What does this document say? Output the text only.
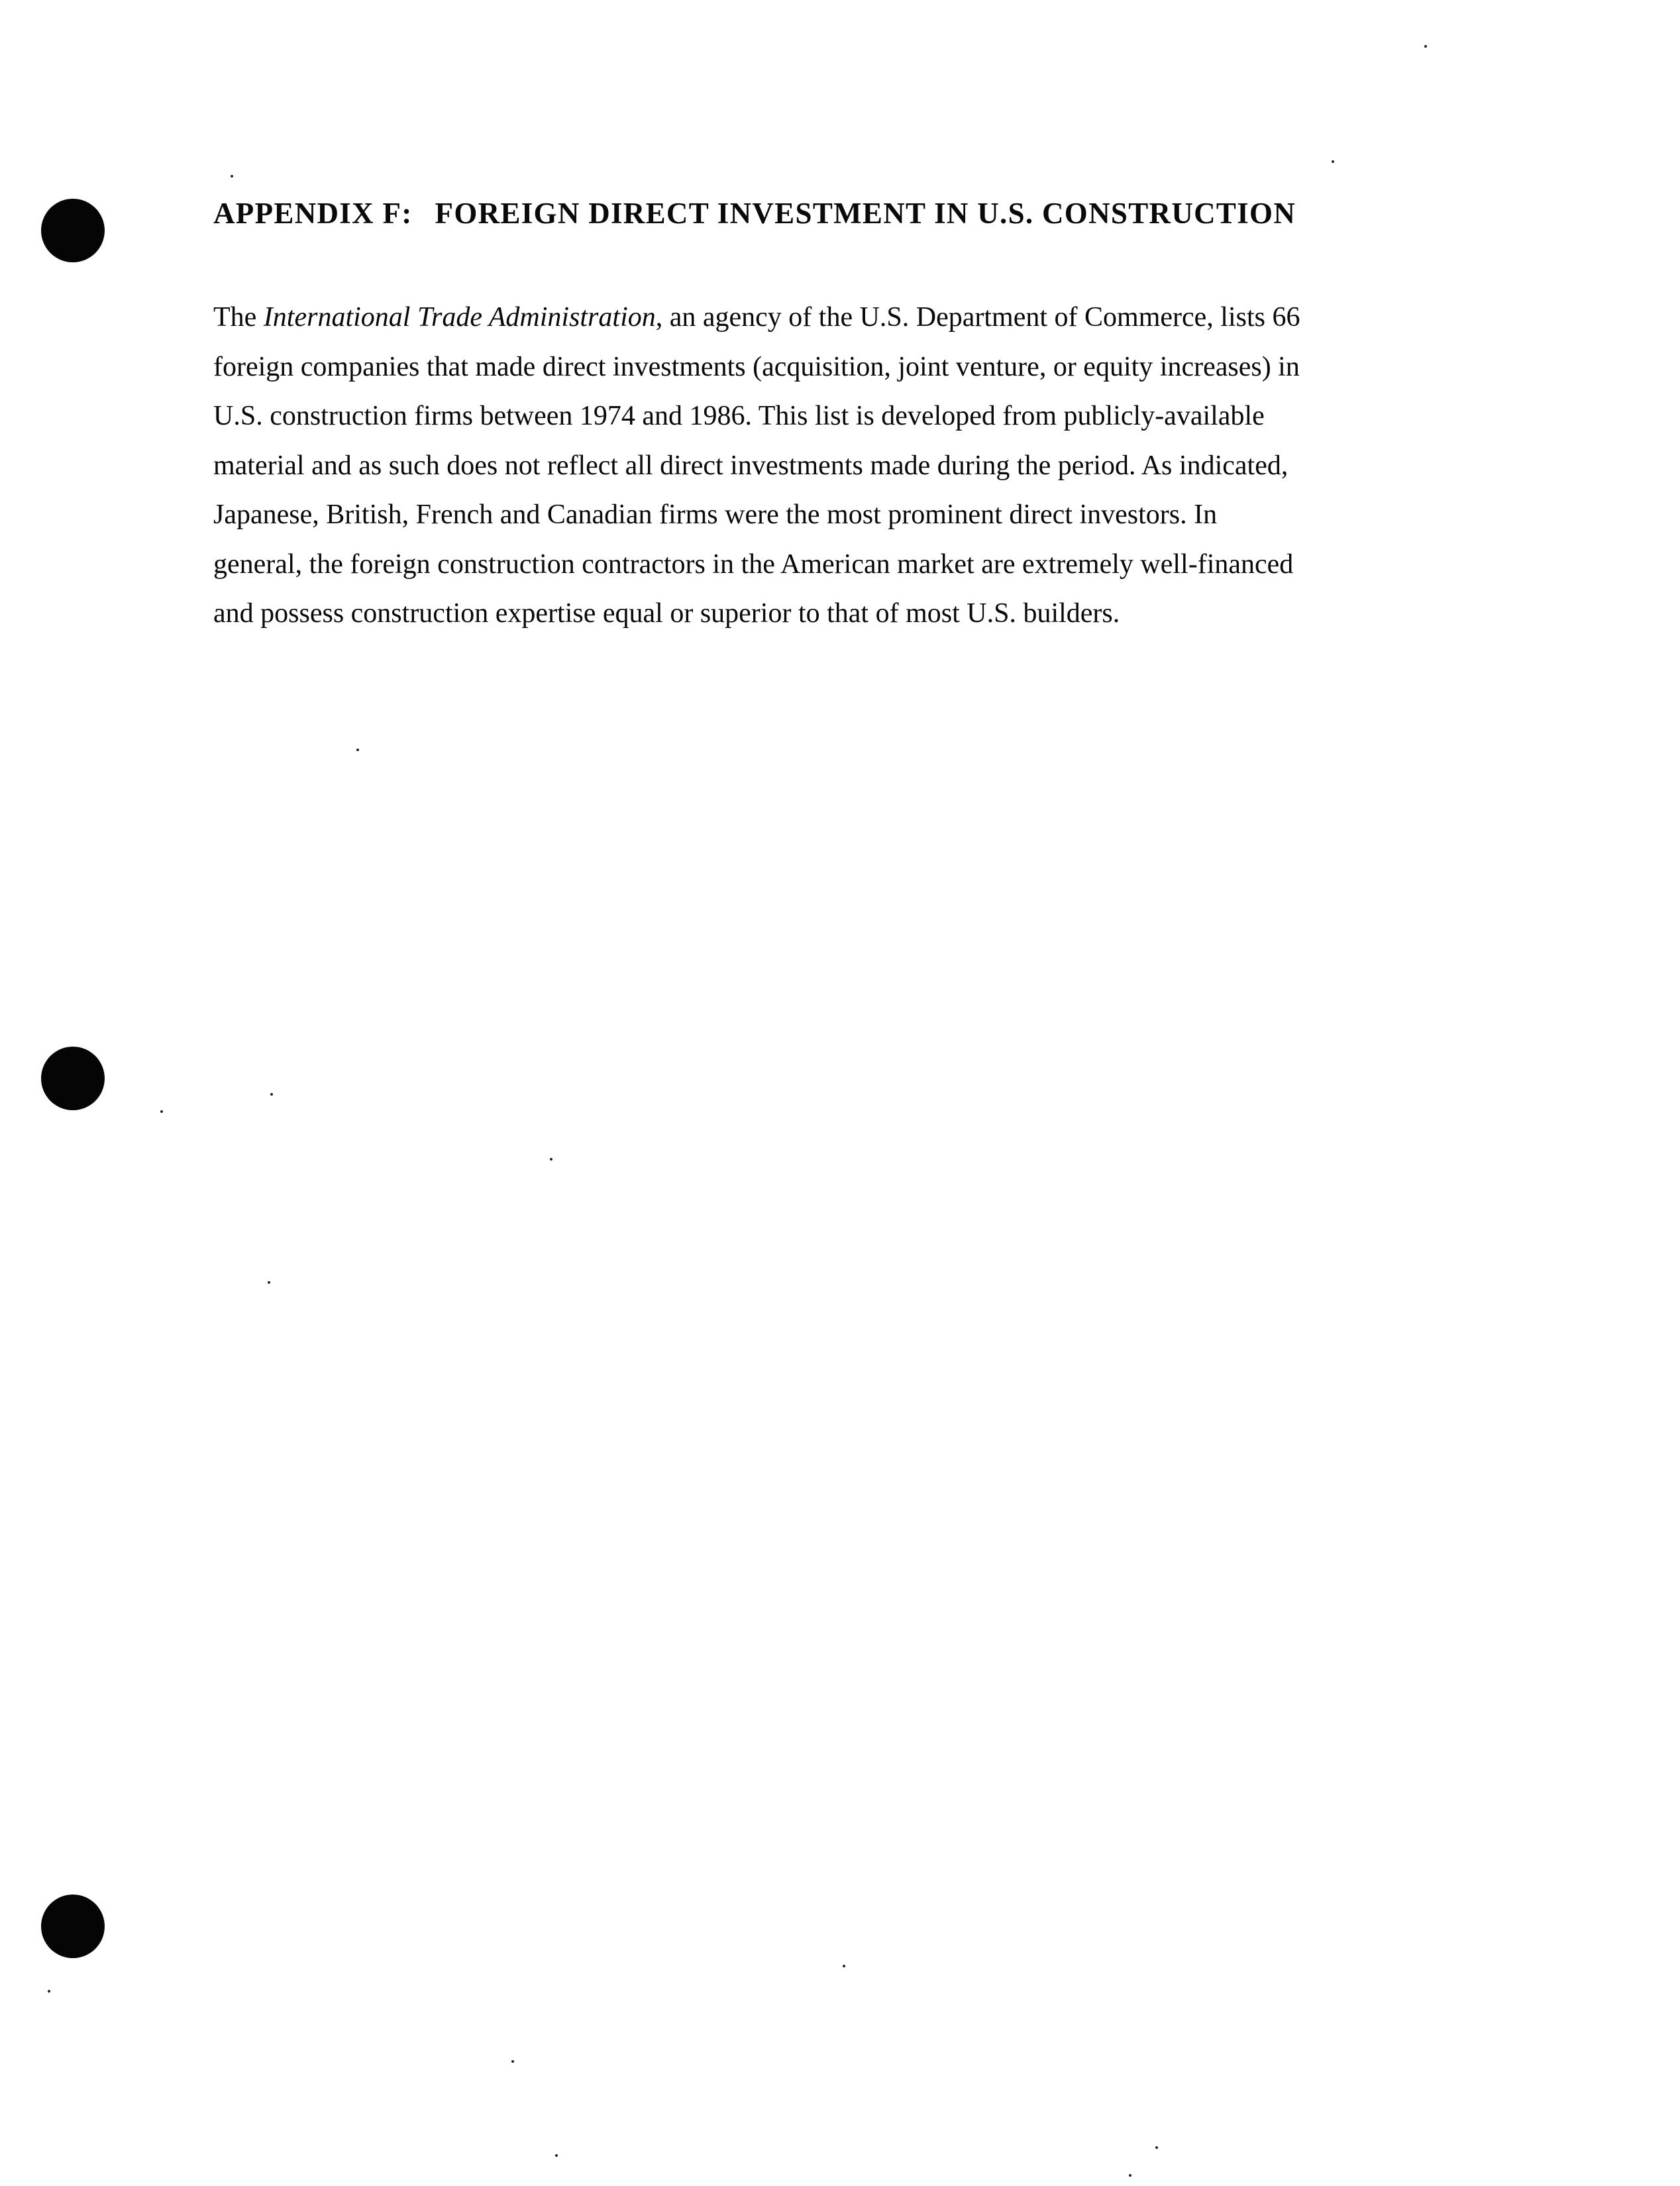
APPENDIX F: FOREIGN DIRECT INVESTMENT IN U.S. CONSTRUCTION

The International Trade Administration, an agency of the U.S. Department of Commerce, lists 66
foreign companies that made direct investments (acquisition, joint venture, or equity increases) in
U.S. construction firms between 1974 and 1986. This list is developed from publicly-available
material and as such does not reflect all direct investments made during the period. As indicated,
Japanese, British, French and Canadian firms were the most prominent direct investors. In
general, the foreign construction contractors in the American market are extremely well-financed
and possess construction expertise equal or superior to that of most U.S. builders.
